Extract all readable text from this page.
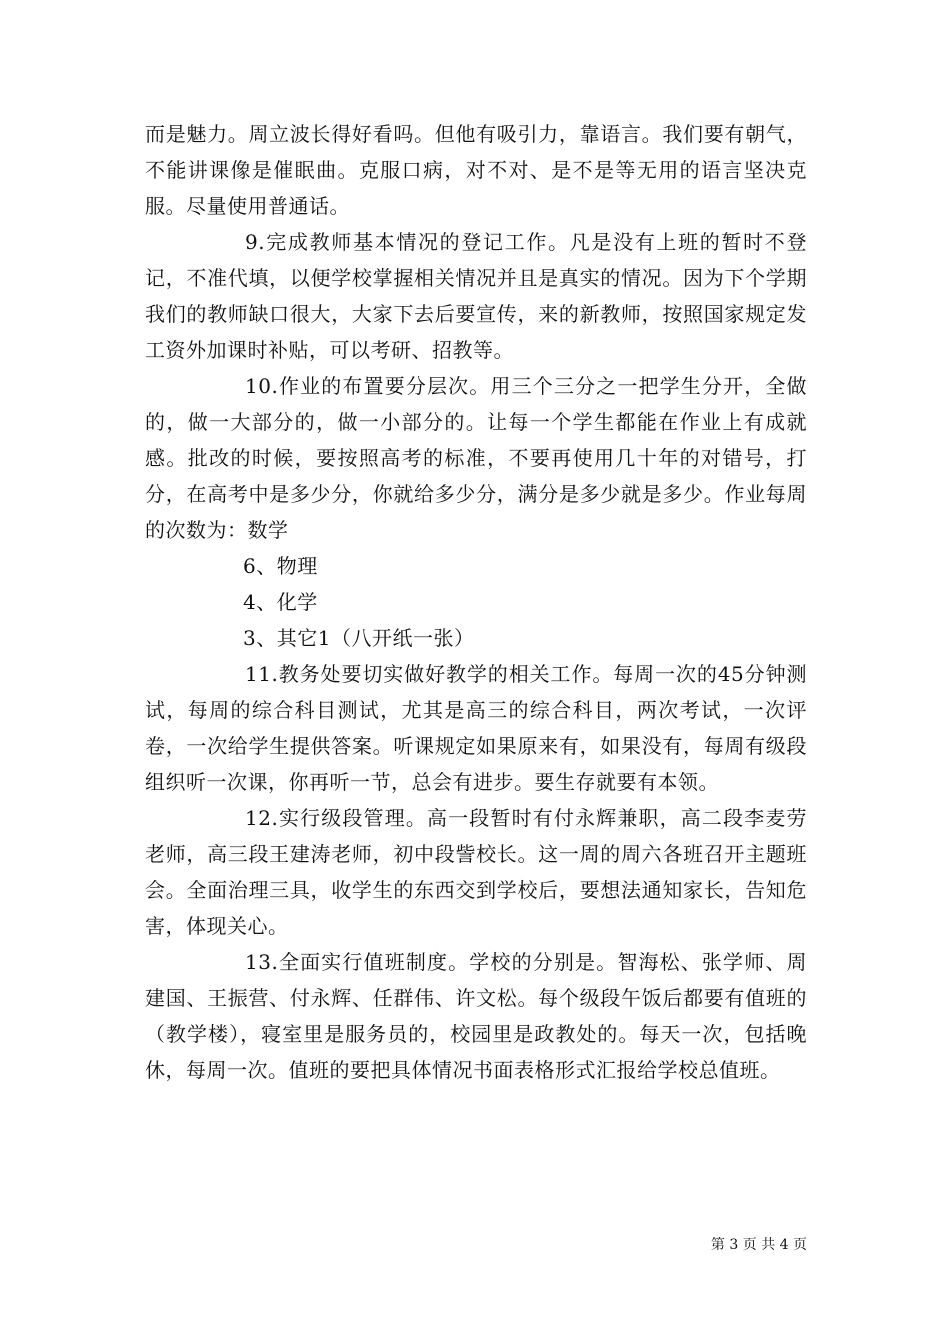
而是魅力。周立波长得好看吗。但他有吸引力，靠语言。我们要有朝气，不能讲课像是催眠曲。克服口病，对不对、是不是等无用的语言坚决克服。尽量使用普通话。

9.完成教师基本情况的登记工作。凡是没有上班的暂时不登记，不准代填，以便学校掌握相关情况并且是真实的情况。因为下个学期我们的教师缺口很大，大家下去后要宣传，来的新教师，按照国家规定发工资外加课时补贴，可以考研、招教等。

10.作业的布置要分层次。用三个三分之一把学生分开，全做的，做一大部分的，做一小部分的。让每一个学生都能在作业上有成就感。批改的时候，要按照高考的标准，不要再使用几十年的对错号，打分，在高考中是多少分，你就给多少分，满分是多少就是多少。作业每周的次数为：数学

6、物理

4、化学

3、其它1（八开纸一张）

11.教务处要切实做好教学的相关工作。每周一次的45分钟测试，每周的综合科目测试，尤其是高三的综合科目，两次考试，一次评卷，一次给学生提供答案。听课规定如果原来有，如果没有，每周有级段组织听一次课，你再听一节，总会有进步。要生存就要有本领。

12.实行级段管理。高一段暂时有付永辉兼职，高二段李麦劳老师，高三段王建涛老师，初中段訾校长。这一周的周六各班召开主题班会。全面治理三具，收学生的东西交到学校后，要想法通知家长，告知危害，体现关心。

13.全面实行值班制度。学校的分别是。智海松、张学师、周建国、王振营、付永辉、任群伟、许文松。每个级段午饭后都要有值班的（教学楼），寝室里是服务员的，校园里是政教处的。每天一次，包括晚休，每周一次。值班的要把具体情况书面表格形式汇报给学校总值班。

第 3 页 共 4 页
